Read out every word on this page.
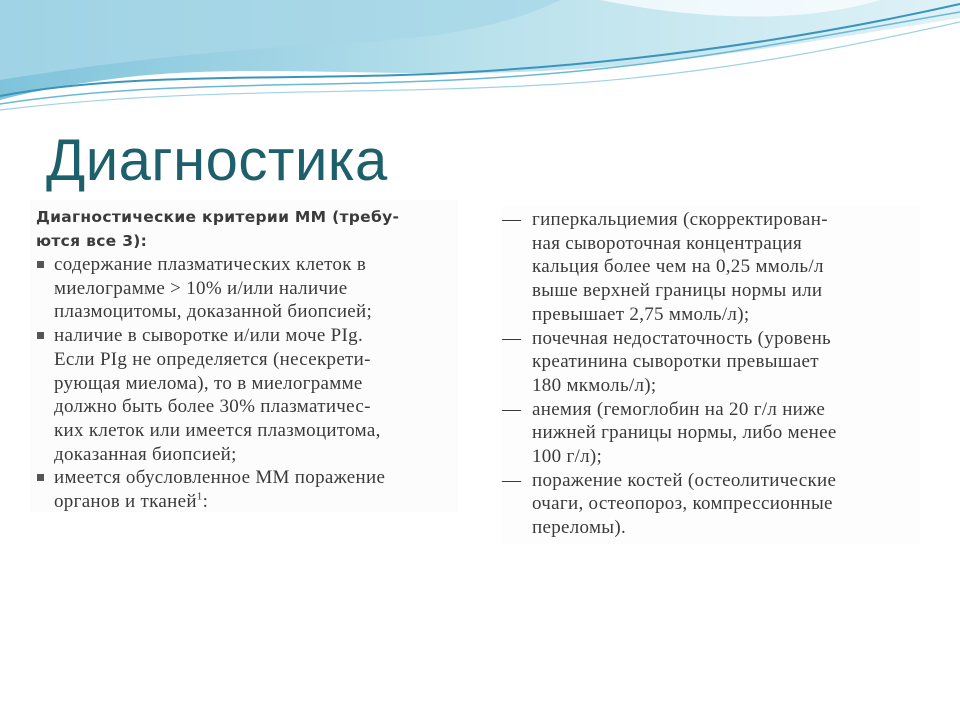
Диагностика
Диагностические критерии ММ (требу-
ются все 3):
содержание плазматических клеток в
миелограмме > 10% и/или наличие
плазмоцитомы, доказанной биопсией;
наличие в сыворотке и/или моче PIg.
Если PIg не определяется (несекрети-
рующая миелома), то в миелограмме
должно быть более 30% плазматичес-
ких клеток или имеется плазмоцитома,
доказанная биопсией;
имеется обусловленное ММ поражение
органов и тканей$^1$:
— гиперкальциемия (скорректирован-
ная сывороточная концентрация
кальция более чем на 0,25 ммоль/л
выше верхней границы нормы или
превышает 2,75 ммоль/л);
— почечная недостаточность (уровень
креатинина сыворотки превышает
180 мкмоль/л);
— анемия (гемоглобин на 20 г/л ниже
нижней границы нормы, либо менее
100 г/л);
— поражение костей (остеолитические
очаги, остеопороз, компрессионные
переломы).
